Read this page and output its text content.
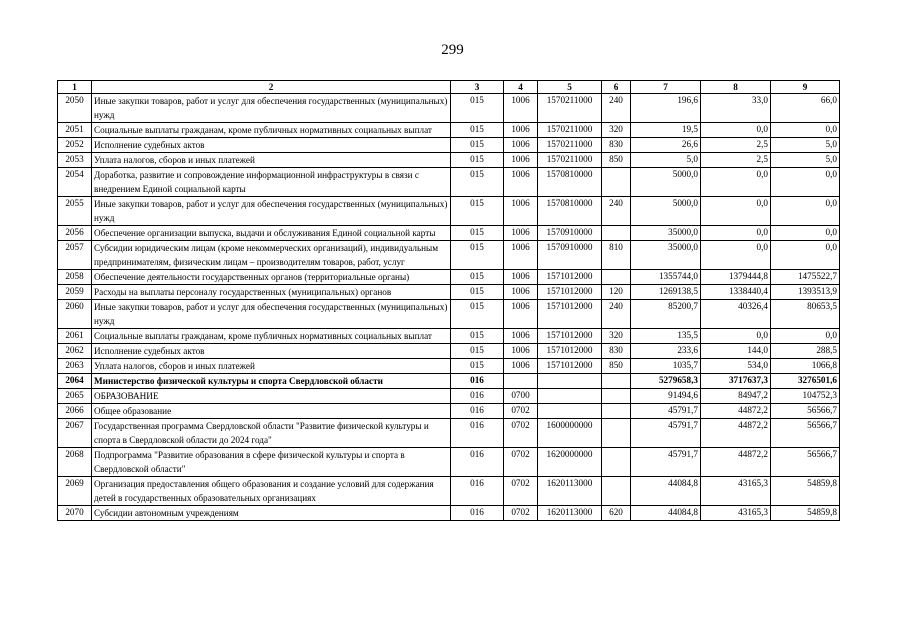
299
1	2	3	4	5	6	7	8	9
2050	Иные закупки товаров, работ и услуг для обеспечения государственных (муниципальных) нужд	015	1006	1570211000	240	196,6	33,0	66,0
2051	Социальные выплаты гражданам, кроме публичных нормативных социальных выплат	015	1006	1570211000	320	19,5	0,0	0,0
2052	Исполнение судебных актов	015	1006	1570211000	830	26,6	2,5	5,0
2053	Уплата налогов, сборов и иных платежей	015	1006	1570211000	850	5,0	2,5	5,0
2054	Доработка, развитие и сопровождение информационной инфраструктуры в связи с внедрением Единой социальной карты	015	1006	1570810000		5000,0	0,0	0,0
2055	Иные закупки товаров, работ и услуг для обеспечения государственных (муниципальных) нужд	015	1006	1570810000	240	5000,0	0,0	0,0
2056	Обеспечение организации выпуска, выдачи и обслуживания Единой социальной карты	015	1006	1570910000		35000,0	0,0	0,0
2057	Субсидии юридическим лицам (кроме некоммерческих организаций), индивидуальным предпринимателям, физическим лицам – производителям товаров, работ, услуг	015	1006	1570910000	810	35000,0	0,0	0,0
2058	Обеспечение деятельности государственных органов (территориальные органы)	015	1006	1571012000		1355744,0	1379444,8	1475522,7
2059	Расходы на выплаты персоналу государственных (муниципальных) органов	015	1006	1571012000	120	1269138,5	1338440,4	1393513,9
2060	Иные закупки товаров, работ и услуг для обеспечения государственных (муниципальных) нужд	015	1006	1571012000	240	85200,7	40326,4	80653,5
2061	Социальные выплаты гражданам, кроме публичных нормативных социальных выплат	015	1006	1571012000	320	135,5	0,0	0,0
2062	Исполнение судебных актов	015	1006	1571012000	830	233,6	144,0	288,5
2063	Уплата налогов, сборов и иных платежей	015	1006	1571012000	850	1035,7	534,0	1066,8
2064	Министерство физической культуры и спорта Свердловской области	016				5279658,3	3717637,3	3276501,6
2065	ОБРАЗОВАНИЕ	016	0700			91494,6	84947,2	104752,3
2066	Общее образование	016	0702			45791,7	44872,2	56566,7
2067	Государственная программа Свердловской области "Развитие физической культуры и спорта в Свердловской области до 2024 года"	016	0702	1600000000		45791,7	44872,2	56566,7
2068	Подпрограмма "Развитие образования в сфере физической культуры и спорта в Свердловской области"	016	0702	1620000000		45791,7	44872,2	56566,7
2069	Организация предоставления общего образования и создание условий для содержания детей в государственных образовательных организациях	016	0702	1620113000		44084,8	43165,3	54859,8
2070	Субсидии автономным учреждениям	016	0702	1620113000	620	44084,8	43165,3	54859,8
